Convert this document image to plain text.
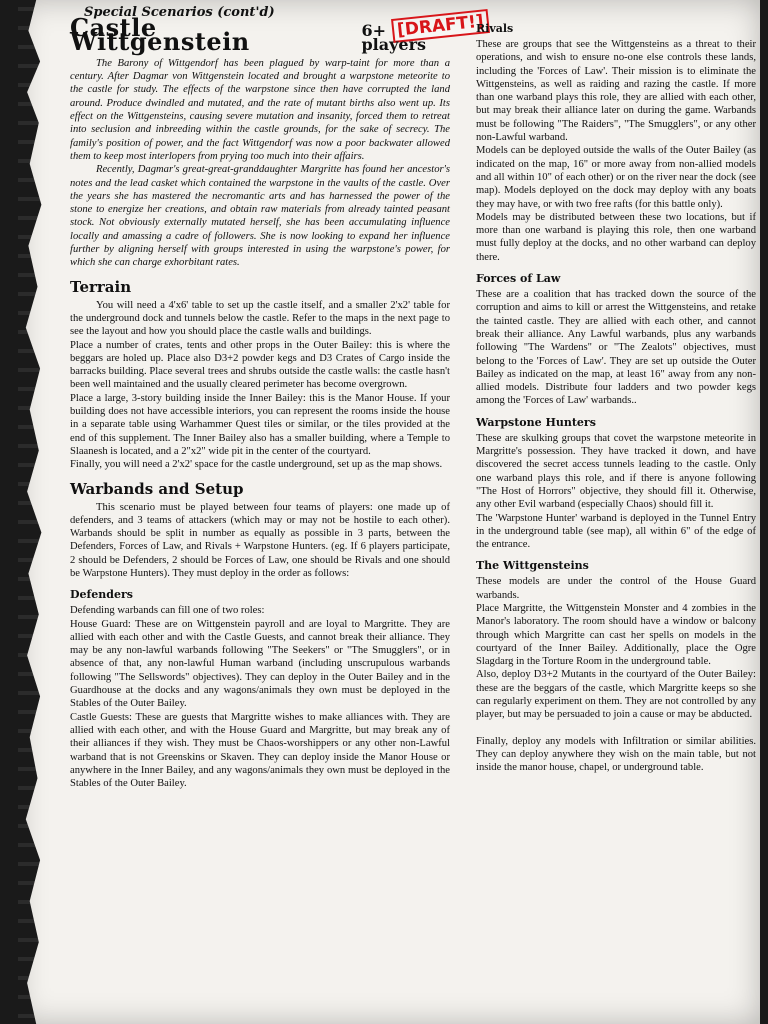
[DRAFT!]
Special Scenarios (cont'd)
Castle Wittgenstein	6+ players

The Barony of Wittgendorf has been plagued by warp-taint for more than a century. After Dagmar von Wittgenstein located and brought a warpstone meteorite to the castle for study. The effects of the warpstone since then have corrupted the land around. Produce dwindled and mutated, and the rate of mutant births also went up. Its effect on the Wittgensteins, causing severe mutation and insanity, forced them to retreat into seclusion and inbreeding within the castle grounds, for the sake of secrecy. The family's position of power, and the fact Wittgendorf was now a poor backwater allowed them to keep most interlopers from prying too much into their affairs.

Recently, Dagmar's great-great-granddaughter Margritte has found her ancestor's notes and the lead casket which contained the warpstone in the vaults of the castle. Over the years she has mastered the necromantic arts and has harnessed the power of the stone to energize her creations, and obtain raw materials from already tainted peasant stock. Not obviously externally mutated herself, she has been accumulating influence locally and amassing a cadre of followers. She is now looking to expand her influence further by aligning herself with groups interested in using the warpstone's power, for which she can charge exhorbitant rates.

Terrain

You will need a 4'x6' table to set up the castle itself, and a smaller 2'x2' table for the underground dock and tunnels below the castle. Refer to the maps in the next page to see the layout and how you should place the castle walls and buildings.

Place a number of crates, tents and other props in the Outer Bailey: this is where the beggars are holed up. Place also D3+2 powder kegs and D3 Crates of Cargo inside the barracks building. Place several trees and shrubs outside the castle walls: the castle hasn't been well maintained and the usually cleared perimeter has become overgrown.

Place a large, 3-story building inside the Inner Bailey: this is the Manor House. If your building does not have accessible interiors, you can represent the rooms inside the house in a separate table using Warhammer Quest tiles or similar, or the tiles provided at the end of this supplement. The Inner Bailey also has a smaller building, where a Temple to Slaanesh is located, and a 2"x2" wide pit in the center of the courtyard.

Finally, you will need a 2'x2' space for the castle underground, set up as the map shows.

Warbands and Setup

This scenario must be played between four teams of players: one made up of defenders, and 3 teams of attackers (which may or may not be hostile to each other). Warbands should be split in number as equally as possible in 3 parts, between the Defenders, Forces of Law, and Rivals + Warpstone Hunters. (eg. If 6 players participate, 2 should be Defenders, 2 should be Forces of Law, one should be Rivals and one should be Warpstone Hunters). They must deploy in the order as follows:

Defenders

Defending warbands can fill one of two roles:

House Guard: These are on Wittgenstein payroll and are loyal to Margritte. They are allied with each other and with the Castle Guests, and cannot break their alliance. They may be any non-lawful warbands following "The Seekers" or "The Smugglers", or in absence of that, any non-lawful Human warband (including unscrupulous warbands following "The Sellswords" objectives). They can deploy in the Outer Bailey and in the Guardhouse at the docks and any wagons/animals they own must be deployed in the Stables of the Outer Bailey.

Castle Guests: These are guests that Margritte wishes to make alliances with. They are allied with each other, and with the House Guard and Margritte, but may break any of their alliances if they wish. They must be Chaos-worshippers or any other non-Lawful warband that is not Greenskins or Skaven. They can deploy inside the Manor House or anywhere in the Inner Bailey, and any wagons/animals they own must be deployed in the Stables of the Outer Bailey.

Rivals

These are groups that see the Wittgensteins as a threat to their operations, and wish to ensure no-one else controls these lands, including the 'Forces of Law'. Their mission is to eliminate the Wittgensteins, as well as raiding and razing the castle. If more than one warband plays this role, they are allied with each other, but may break their alliance later on during the game. Warbands must be following "The Raiders", "The Smugglers", or any other non-Lawful warband.

Models can be deployed outside the walls of the Outer Bailey (as indicated on the map, 16" or more away from non-allied models and all within 10" of each other) or on the river near the dock (see map). Models deployed on the dock may deploy with any boats they may have, or with two free rafts (for this battle only).

Models may be distributed between these two locations, but if more than one warband is playing this role, then one warband must fully deploy at the docks, and no other warband can deploy there.

Forces of Law

These are a coalition that has tracked down the source of the corruption and aims to kill or arrest the Wittgensteins, and retake the tainted castle. They are allied with each other, and cannot break their alliance. Any Lawful warbands, plus any warbands following "The Wardens" or "The Zealots" objectives, must belong to the 'Forces of Law'. They are set up outside the Outer Bailey as indicated on the map, at least 16" away from any non-allied models. Distribute four ladders and two powder kegs among the 'Forces of Law' warbands..

Warpstone Hunters

These are skulking groups that covet the warpstone meteorite in Margritte's possession. They have tracked it down, and have discovered the secret access tunnels leading to the castle. Only one warband plays this role, and if there is anyone following "The Host of Horrors" objective, they should fill it. Otherwise, any other Evil warband (especially Chaos) should fill it.

The 'Warpstone Hunter' warband is deployed in the Tunnel Entry in the underground table (see map), all within 6" of the edge of the entrance.

The Wittgensteins

These models are under the control of the House Guard warbands.

Place Margritte, the Wittgenstein Monster and 4 zombies in the Manor's laboratory. The room should have a window or balcony through which Margritte can cast her spells on models in the courtyard of the Inner Bailey. Additionally, place the Ogre Slagdarg in the Torture Room in the underground table.

Also, deploy D3+2 Mutants in the courtyard of the Outer Bailey: these are the beggars of the castle, which Margritte keeps so she can regularly experiment on them. They are not controlled by any player, but may be persuaded to join a cause or may be abducted.

Finally, deploy any models with Infiltration or similar abilities. They can deploy anywhere they wish on the main table, but not inside the manor house, chapel, or underground table.
